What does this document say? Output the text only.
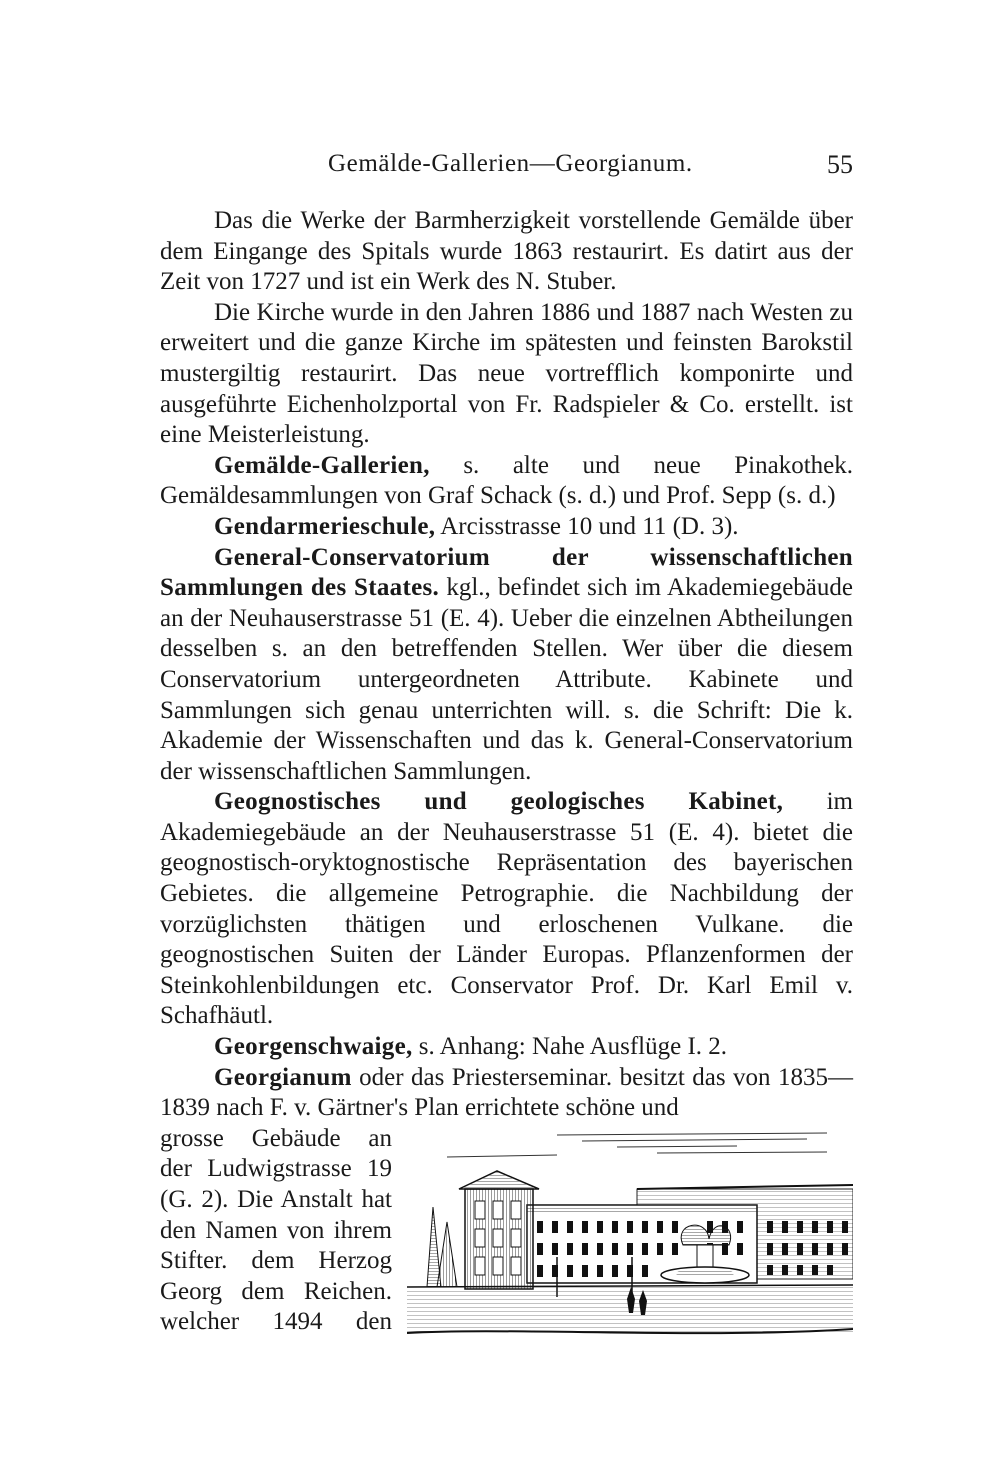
Gemälde-Gallerien—Georgianum.	55

Das die Werke der Barmherzigkeit vorstellende Gemälde über dem Eingange des Spitals wurde 1863 restaurirt. Es datirt aus der Zeit von 1727 und ist ein Werk des N. Stuber.

Die Kirche wurde in den Jahren 1886 und 1887 nach Westen zu erweitert und die ganze Kirche im spätesten und feinsten Barokstil mustergiltig restaurirt. Das neue vortrefflich komponirte und ausgeführte Eichenholzportal von Fr. Radspieler & Co. erstellt. ist eine Meisterleistung.

Gemälde-Gallerien, s. alte und neue Pinakothek. Gemäldesammlungen von Graf Schack (s. d.) und Prof. Sepp (s. d.)

Gendarmerieschule, Arcisstrasse 10 und 11 (D. 3).

General-Conservatorium der wissenschaftlichen Sammlungen des Staates. kgl., befindet sich im Akademiegebäude an der Neuhauserstrasse 51 (E. 4). Ueber die einzelnen Abtheilungen desselben s. an den betreffenden Stellen. Wer über die diesem Conservatorium untergeordneten Attribute. Kabinete und Sammlungen sich genau unterrichten will. s. die Schrift: Die k. Akademie der Wissenschaften und das k. General-Conservatorium der wissenschaftlichen Sammlungen.

Geognostisches und geologisches Kabinet, im Akademiegebäude an der Neuhauserstrasse 51 (E. 4). bietet die geognostisch-oryktognostische Repräsentation des bayerischen Gebietes. die allgemeine Petrographie. die Nachbildung der vorzüglichsten thätigen und erloschenen Vulkane. die geognostischen Suiten der Länder Europas. Pflanzenformen der Steinkohlenbildungen etc. Conservator Prof. Dr. Karl Emil v. Schafhäutl.

Georgenschwaige, s. Anhang: Nahe Ausflüge I. 2.

Georgianum oder das Priesterseminar. besitzt das von 1835—1839 nach F. v. Gärtner's Plan errichtete schöne und

grosse Gebäude an
der Ludwigstrasse 19
(G. 2). Die Anstalt hat
den Namen von ihrem
Stifter. dem Herzog
Georg dem Reichen.
welcher 1494 den
